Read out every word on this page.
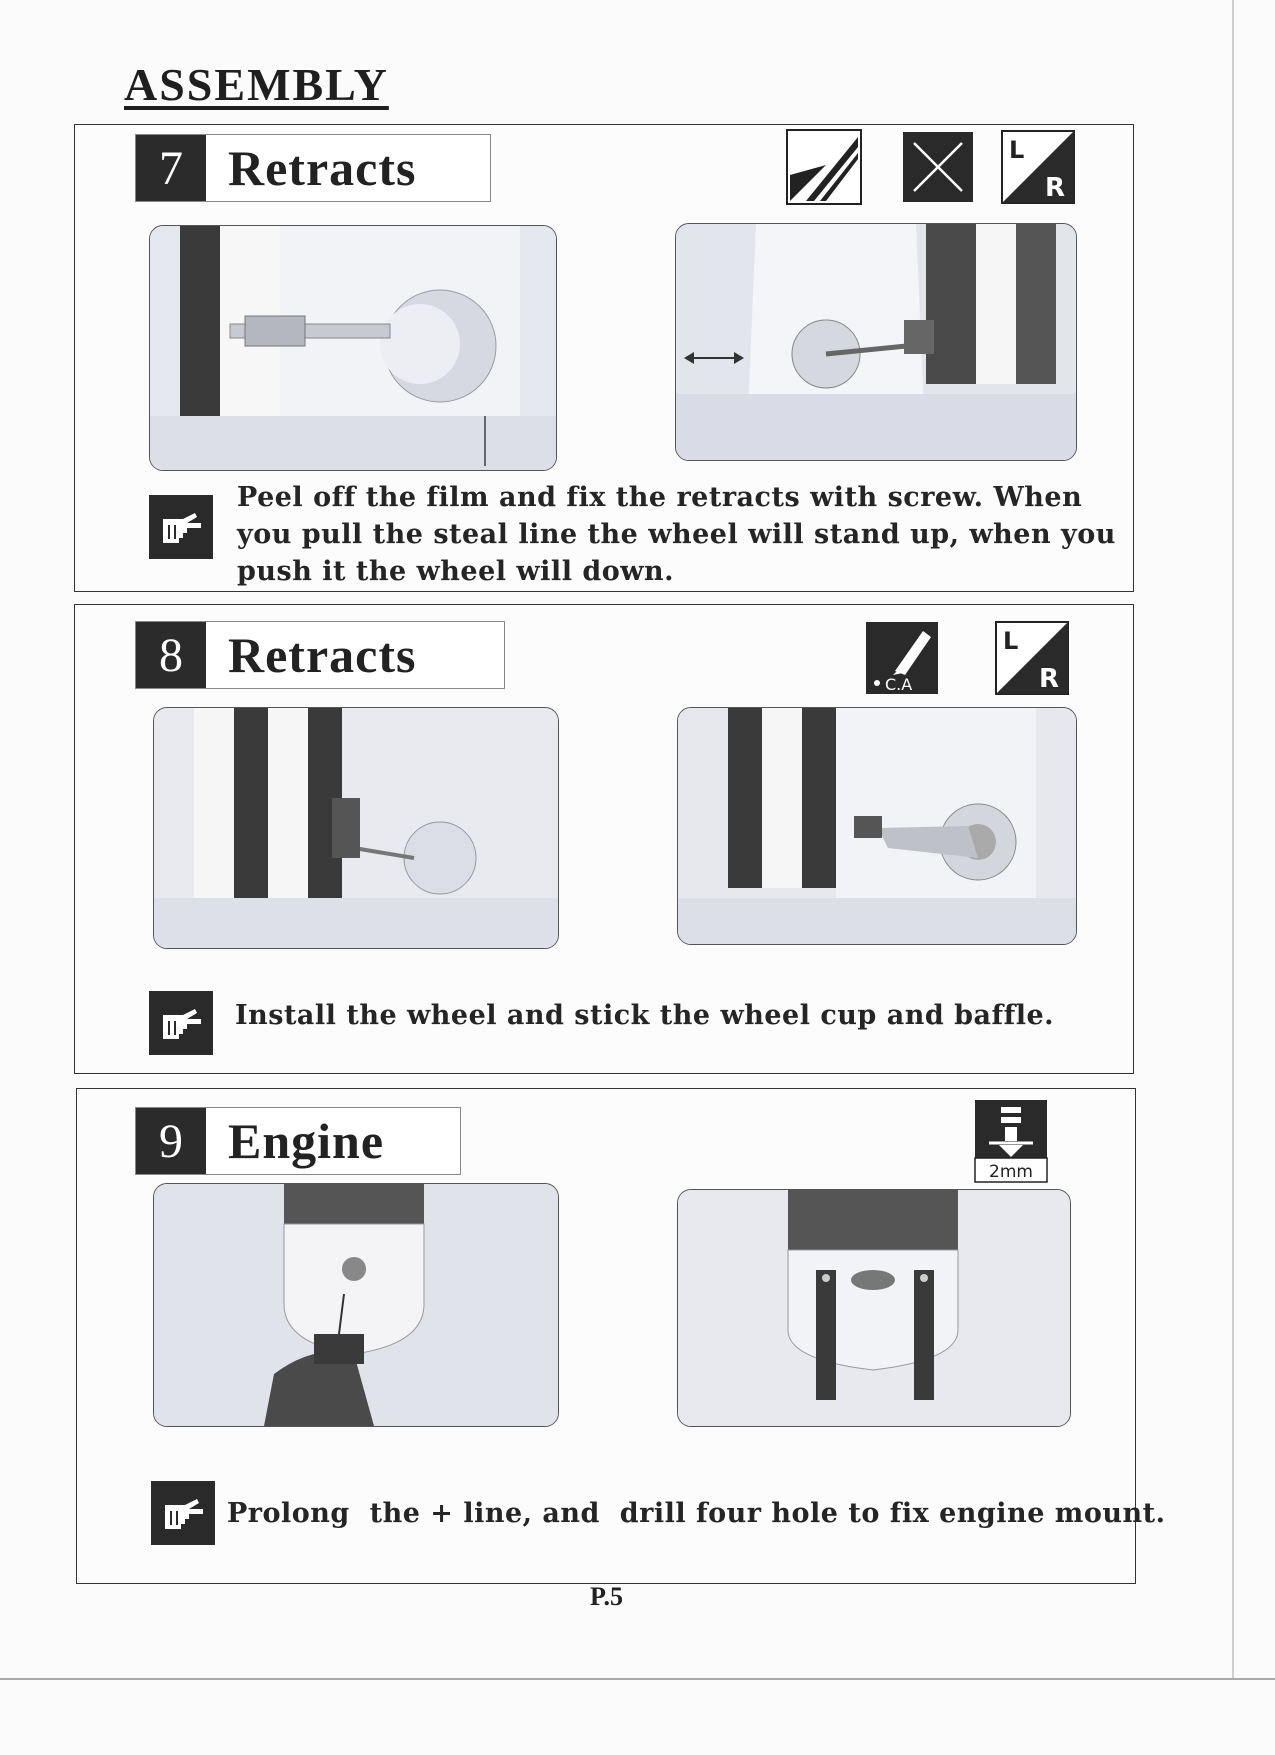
ASSEMBLY
7 Retracts	L
R
Peel off the film and fix the retracts with screw. When you pull the steal line the wheel will stand up, when you push it the wheel will down.
8 Retracts
C.A
L
R
Install the wheel and stick the wheel cup and baffle.
9 Engine
2mm
Prolong  the + line, and  drill four hole to fix engine mount.
P.5
